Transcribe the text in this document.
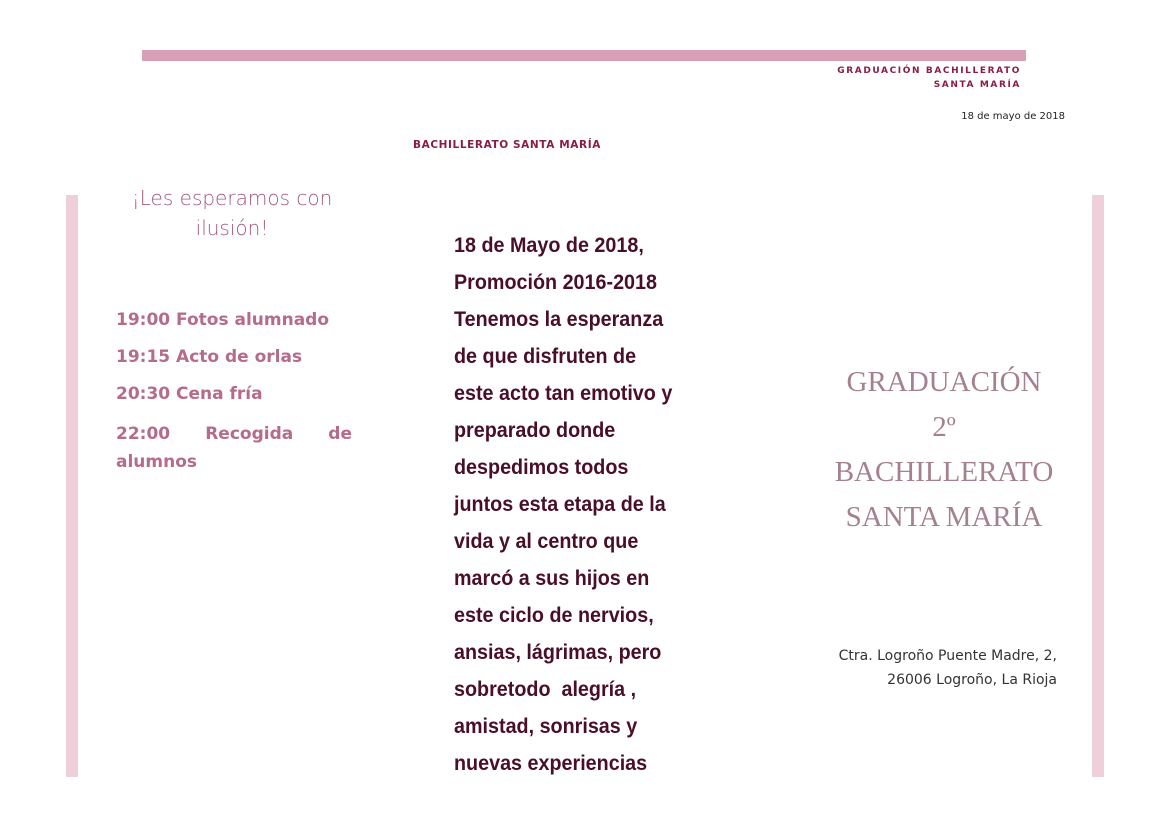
GRADUACIÓN BACHILLERATO
SANTA MARÍA
18 de mayo de 2018
BACHILLERATO SANTA MARÍA
¡Les esperamos con ilusión!
19:00 Fotos alumnado
19:15 Acto de orlas
20:30 Cena fría
22:00 Recogida de alumnos
18 de Mayo de 2018,
Promoción 2016-2018
Tenemos la esperanza
de que disfruten de
este acto tan emotivo y
preparado donde
despedimos todos
juntos esta etapa de la
vida y al centro que
marcó a sus hijos en
este ciclo de nervios,
ansias, lágrimas, pero
sobretodo  alegría ,
amistad, sonrisas y
nuevas experiencias
GRADUACIÓN
2º
BACHILLERATO
SANTA MARÍA
Ctra. Logroño Puente Madre, 2,
26006 Logroño, La Rioja
